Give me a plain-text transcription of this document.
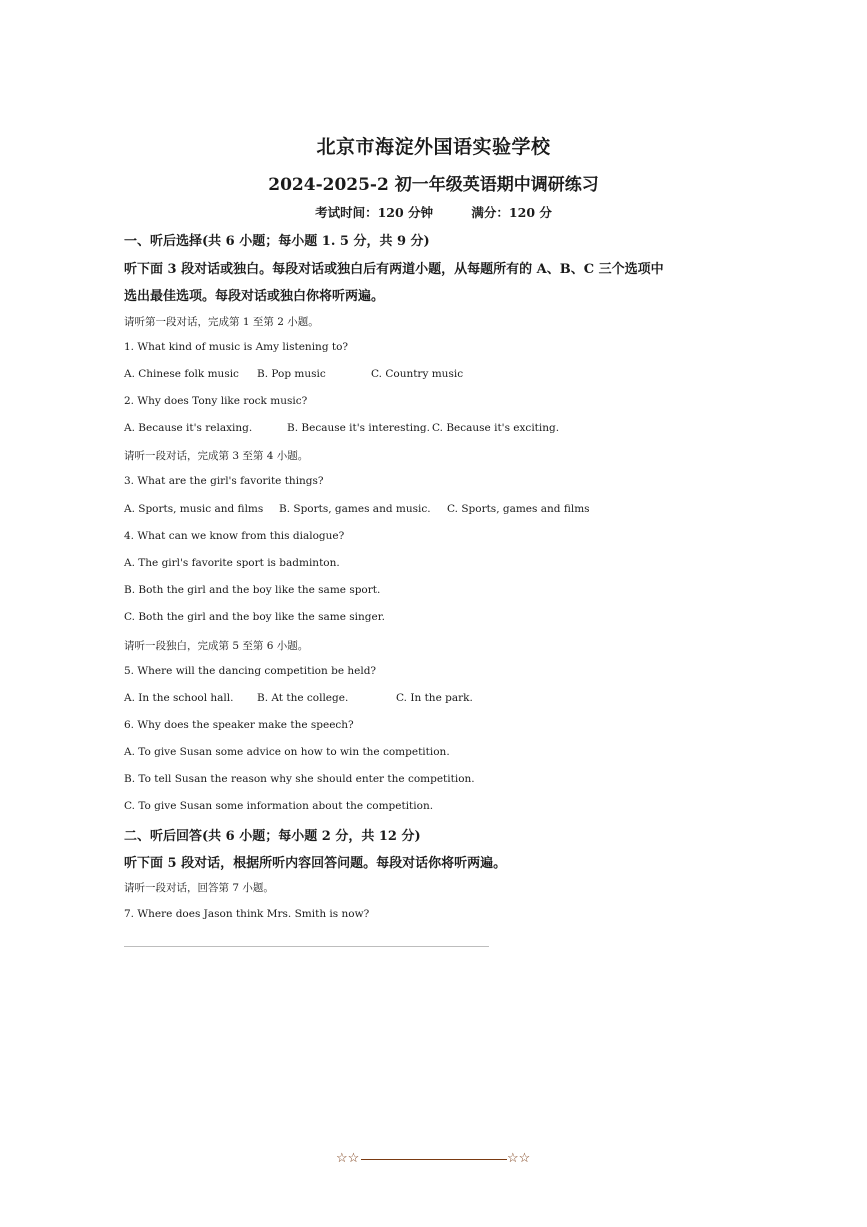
北京市海淀外国语实验学校
2024-2025-2 初一年级英语期中调研练习
考试时间：120 分钟	满分：120 分
一、听后选择(共 6 小题；每小题 1. 5 分，共 9 分)
听下面 3 段对话或独白。每段对话或独白后有两道小题，从每题所有的 A、B、C 三个选项中
选出最佳选项。每段对话或独白你将听两遍。
请听第一段对话，完成第 1 至第 2 小题。
1. What kind of music is Amy listening to?
A. Chinese folk music B. Pop music	C. Country music
2. Why does Tony like rock music?
A. Because it's relaxing.	B. Because it's interesting. C. Because it's exciting.
请听一段对话，完成第 3 至第 4 小题。
3. What are the girl's favorite things?
A. Sports, music and films B. Sports, games and music. C. Sports, games and films
4. What can we know from this dialogue?
A. The girl's favorite sport is badminton.
B. Both the girl and the boy like the same sport.
C. Both the girl and the boy like the same singer.
请听一段独白，完成第 5 至第 6 小题。
5. Where will the dancing competition be held?
A. In the school hall. B. At the college.	C. In the park.
6. Why does the speaker make the speech?
A. To give Susan some advice on how to win the competition.
B. To tell Susan the reason why she should enter the competition.
C. To give Susan some information about the competition.
二、听后回答(共 6 小题；每小题 2 分，共 12 分)
听下面 5 段对话，根据所听内容回答问题。每段对话你将听两遍。
请听一段对话，回答第 7 小题。
7. Where does Jason think Mrs. Smith is now?
☆☆	☆☆
